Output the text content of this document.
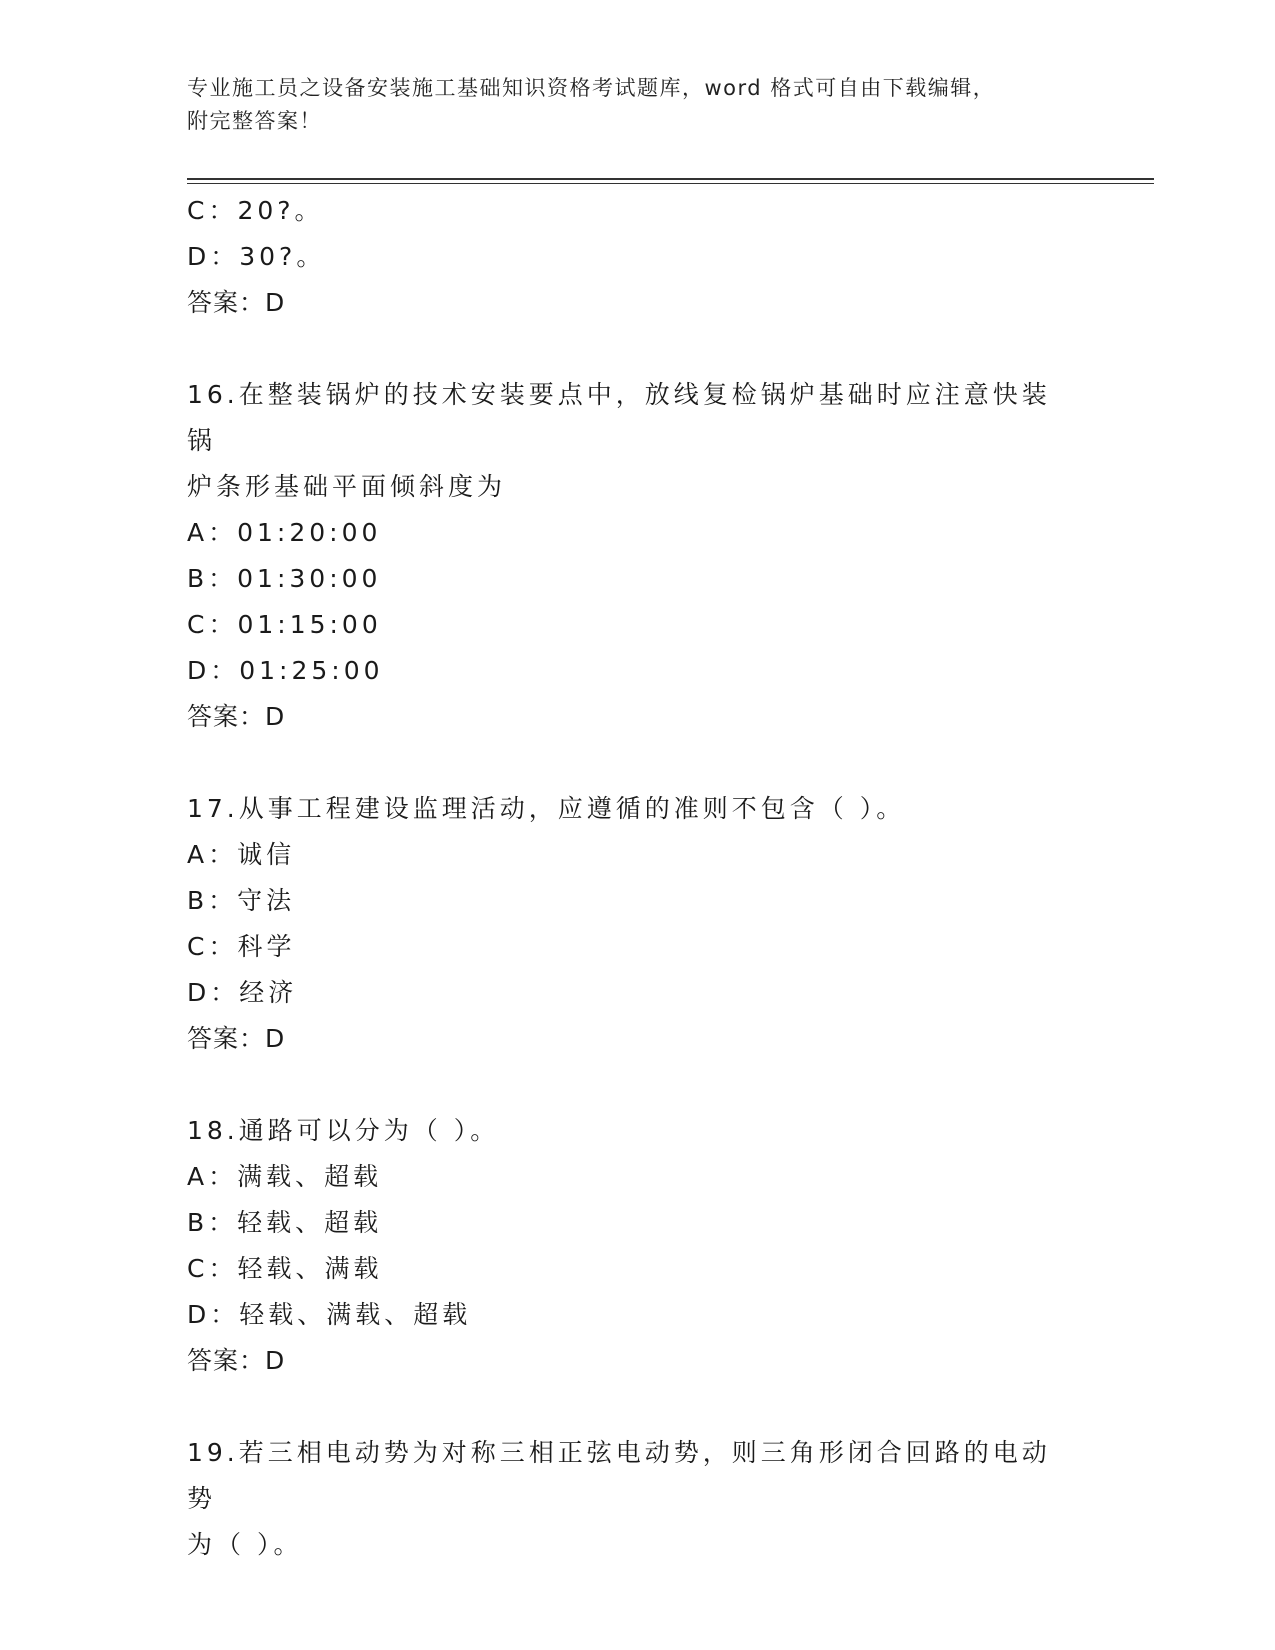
专业施工员之设备安装施工基础知识资格考试题库，word 格式可自由下载编辑，
附完整答案！
C：20?。
D：30?。
答案：D
16.在整装锅炉的技术安装要点中，放线复检锅炉基础时应注意快装锅
炉条形基础平面倾斜度为
A：01:20:00
B：01:30:00
C：01:15:00
D：01:25:00
答案：D
17.从事工程建设监理活动，应遵循的准则不包含（ ）。
A：诚信
B：守法
C：科学
D：经济
答案：D
18.通路可以分为（ ）。
A：满载、超载
B：轻载、超载
C：轻载、满载
D：轻载、满载、超载
答案：D
19.若三相电动势为对称三相正弦电动势，则三角形闭合回路的电动势
为（ ）。
